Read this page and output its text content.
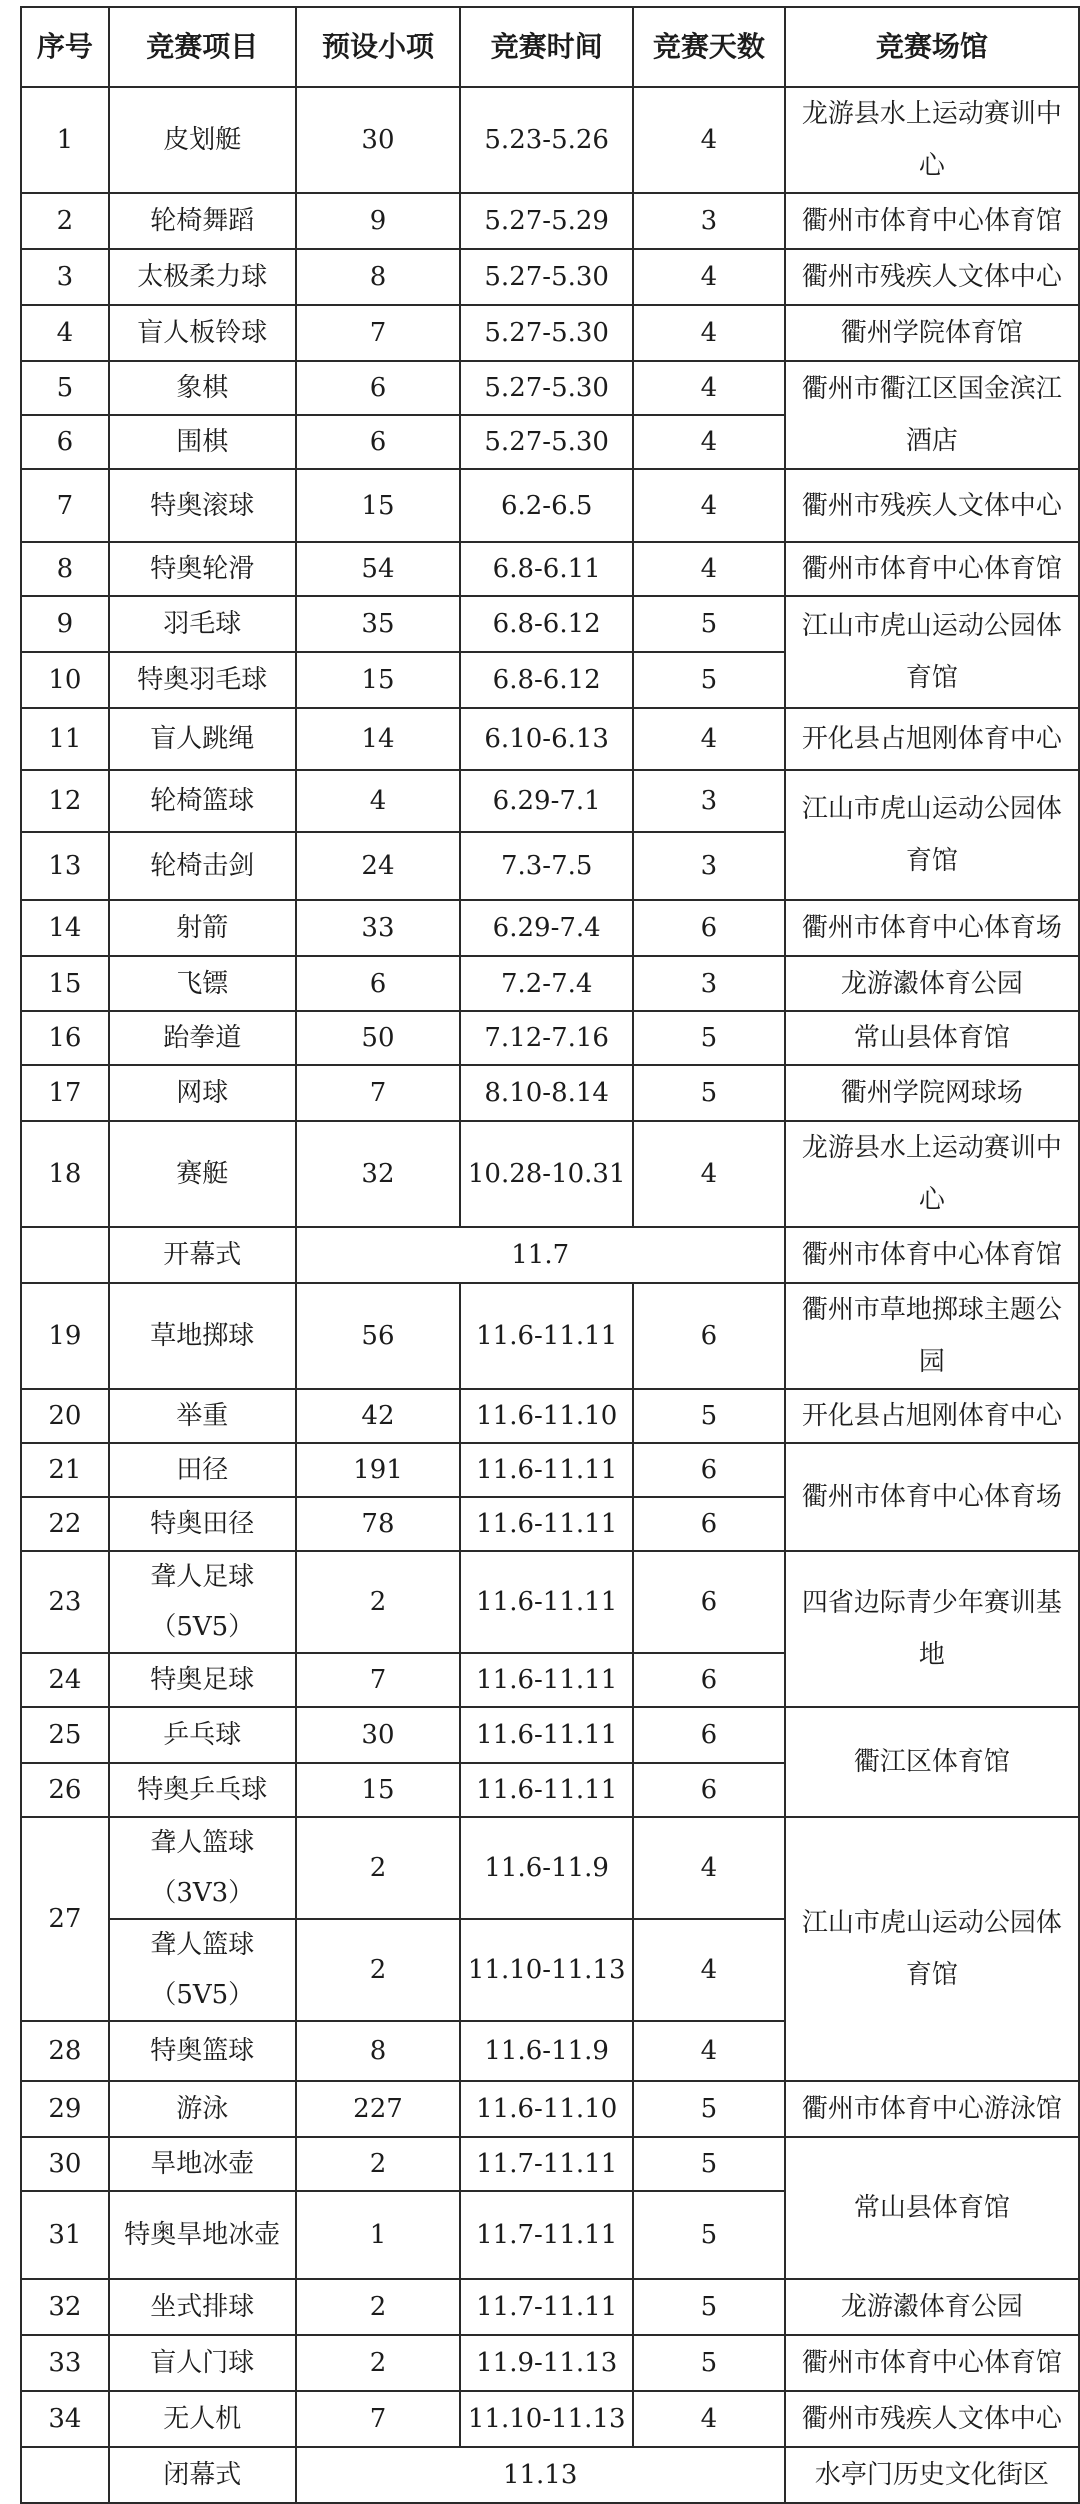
序号	竞赛项目	预设小项	竞赛时间	竞赛天数	竞赛场馆
1	皮划艇	30	5.23-5.26	4	龙游县水上运动赛训中心
2	轮椅舞蹈	9	5.27-5.29	3	衢州市体育中心体育馆
3	太极柔力球	8	5.27-5.30	4	衢州市残疾人文体中心
4	盲人板铃球	7	5.27-5.30	4	衢州学院体育馆
5	象棋	6	5.27-5.30	4	衢州市衢江区国金滨江酒店
6	围棋	6	5.27-5.30	4	
7	特奥滚球	15	6.2-6.5	4	衢州市残疾人文体中心
8	特奥轮滑	54	6.8-6.11	4	衢州市体育中心体育馆
9	羽毛球	35	6.8-6.12	5	江山市虎山运动公园体育馆
10	特奥羽毛球	15	6.8-6.12	5	
11	盲人跳绳	14	6.10-6.13	4	开化县占旭刚体育中心
12	轮椅篮球	4	6.29-7.1	3	江山市虎山运动公园体育馆
13	轮椅击剑	24	7.3-7.5	3	
14	射箭	33	6.29-7.4	6	衢州市体育中心体育场
15	飞镖	6	7.2-7.4	3	龙游瀫体育公园
16	跆拳道	50	7.12-7.16	5	常山县体育馆
17	网球	7	8.10-8.14	5	衢州学院网球场
18	赛艇	32	10.28-10.31	4	龙游县水上运动赛训中心
	开幕式	11.7			衢州市体育中心体育馆
19	草地掷球	56	11.6-11.11	6	衢州市草地掷球主题公园
20	举重	42	11.6-11.10	5	开化县占旭刚体育中心
21	田径	191	11.6-11.11	6	衢州市体育中心体育场
22	特奥田径	78	11.6-11.11	6	
23	聋人足球（5V5）	2	11.6-11.11	6	四省边际青少年赛训基地
24	特奥足球	7	11.6-11.11	6	
25	乒乓球	30	11.6-11.11	6	衢江区体育馆
26	特奥乒乓球	15	11.6-11.11	6	
27	聋人篮球（3V3）	2	11.6-11.9	4	江山市虎山运动公园体育馆
	聋人篮球（5V5）	2	11.10-11.13	4	
28	特奥篮球	8	11.6-11.9	4	
29	游泳	227	11.6-11.10	5	衢州市体育中心游泳馆
30	旱地冰壶	2	11.7-11.11	5	常山县体育馆
31	特奥旱地冰壶	1	11.7-11.11	5	
32	坐式排球	2	11.7-11.11	5	龙游瀫体育公园
33	盲人门球	2	11.9-11.13	5	衢州市体育中心体育馆
34	无人机	7	11.10-11.13	4	衢州市残疾人文体中心
	闭幕式	11.13			水亭门历史文化街区
